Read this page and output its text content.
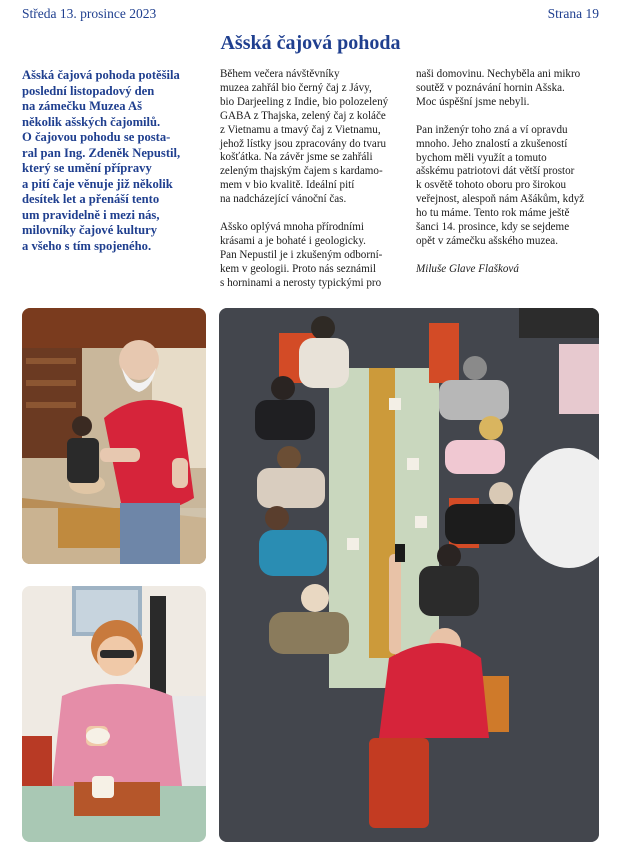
Středa 13. prosince 2023	Strana 19
Ašská čajová pohoda

Ašská čajová pohoda potěšila

poslední listopadový den

na zámečku Muzea Aš

několik ašských čajomilů.

O čajovou pohodu se posta-

ral pan Ing. Zdeněk Nepustil,

který se umění přípravy

a pití čaje věnuje již několik

desítek let a přenáší tento

um pravidelně i mezi nás,

milovníky čajové kultury

a všeho s tím spojeného.

Během večera návštěvníky
muzea zahřál bio černý čaj z Jávy,
bio Darjeeling z Indie, bio polozelený
GABA z Thajska, zelený čaj z koláče
z Vietnamu a tmavý čaj z Vietnamu,
jehož lístky jsou zpracovány do tvaru
košťátka. Na závěr jsme se zahřáli
zeleným thajským čajem s kardamo-
mem v bio kvalitě. Ideální pití
na nadcházející vánoční čas.

Ašsko oplývá mnoha přírodními
krásami a je bohaté i geologicky.
Pan Nepustil je i zkušeným odborní-
kem v geologii. Proto nás seznámil
s horninami a nerosty typickými pro

naši domovinu. Nechyběla ani mikro
soutěž v poznávání hornin Ašska.
Moc úspěšní jsme nebyli.

Pan inženýr toho zná a ví opravdu
mnoho. Jeho znalostí a zkušeností
bychom měli využít a tomuto
ašskému patriotovi dát větší prostor
k osvětě tohoto oboru pro širokou
veřejnost, alespoň nám Ašákům, když
ho tu máme. Tento rok máme ještě
šanci 14. prosince, kdy se sejdeme
opět v zámečku ašského muzea.

Miluše Glave Flašková
